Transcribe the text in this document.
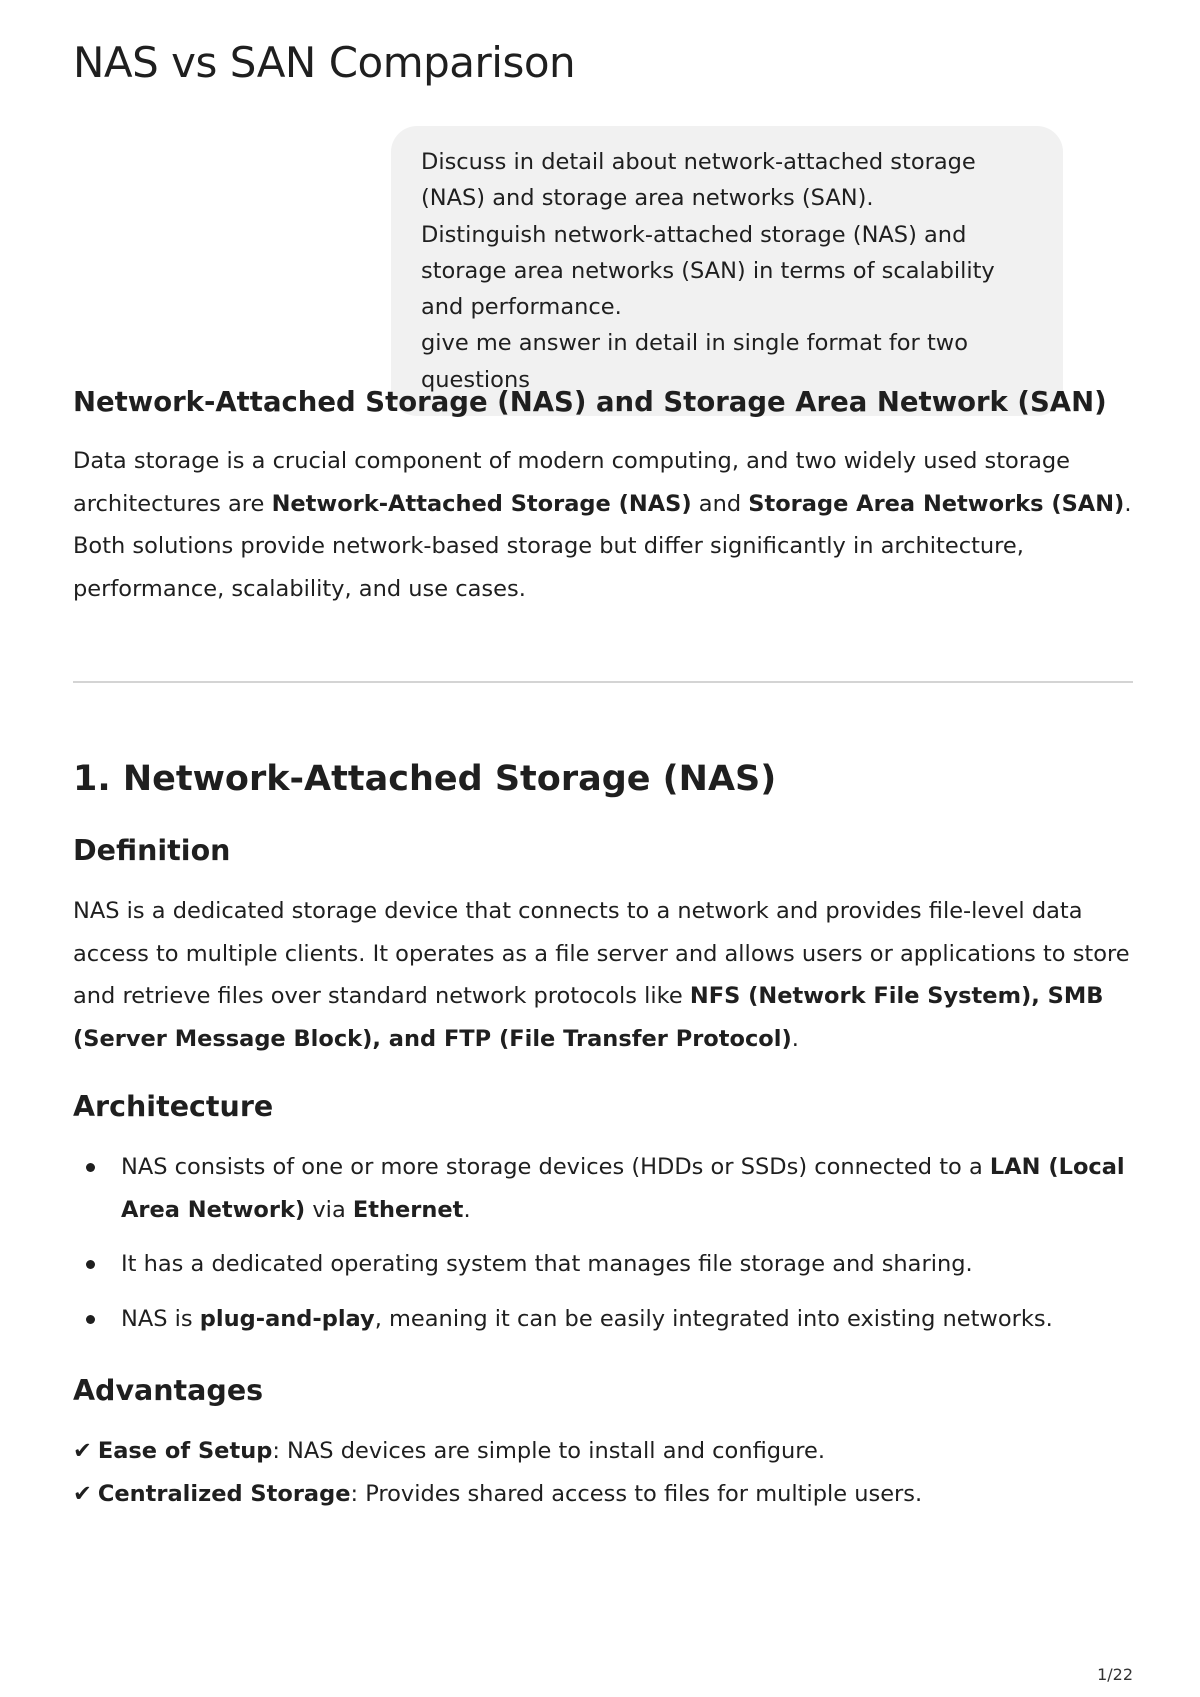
NAS vs SAN Comparison
Discuss in detail about network-attached storage (NAS) and storage area networks (SAN).
Distinguish network-attached storage (NAS) and storage area networks (SAN) in terms of scalability and performance.
give me answer in detail in single format for two questions
Network-Attached Storage (NAS) and Storage Area Network (SAN)

Data storage is a crucial component of modern computing, and two widely used storage architectures are Network-Attached Storage (NAS) and Storage Area Networks (SAN). Both solutions provide network-based storage but differ significantly in architecture, performance, scalability, and use cases.

1. Network-Attached Storage (NAS)
Definition

NAS is a dedicated storage device that connects to a network and provides file-level data access to multiple clients. It operates as a file server and allows users or applications to store and retrieve files over standard network protocols like NFS (Network File System), SMB (Server Message Block), and FTP (File Transfer Protocol).

Architecture
NAS consists of one or more storage devices (HDDs or SSDs) connected to a LAN (Local Area Network) via Ethernet.
It has a dedicated operating system that manages file storage and sharing.
NAS is plug-and-play, meaning it can be easily integrated into existing networks.
Advantages
✔ Ease of Setup: NAS devices are simple to install and configure.
✔ Centralized Storage: Provides shared access to files for multiple users.
1/22
